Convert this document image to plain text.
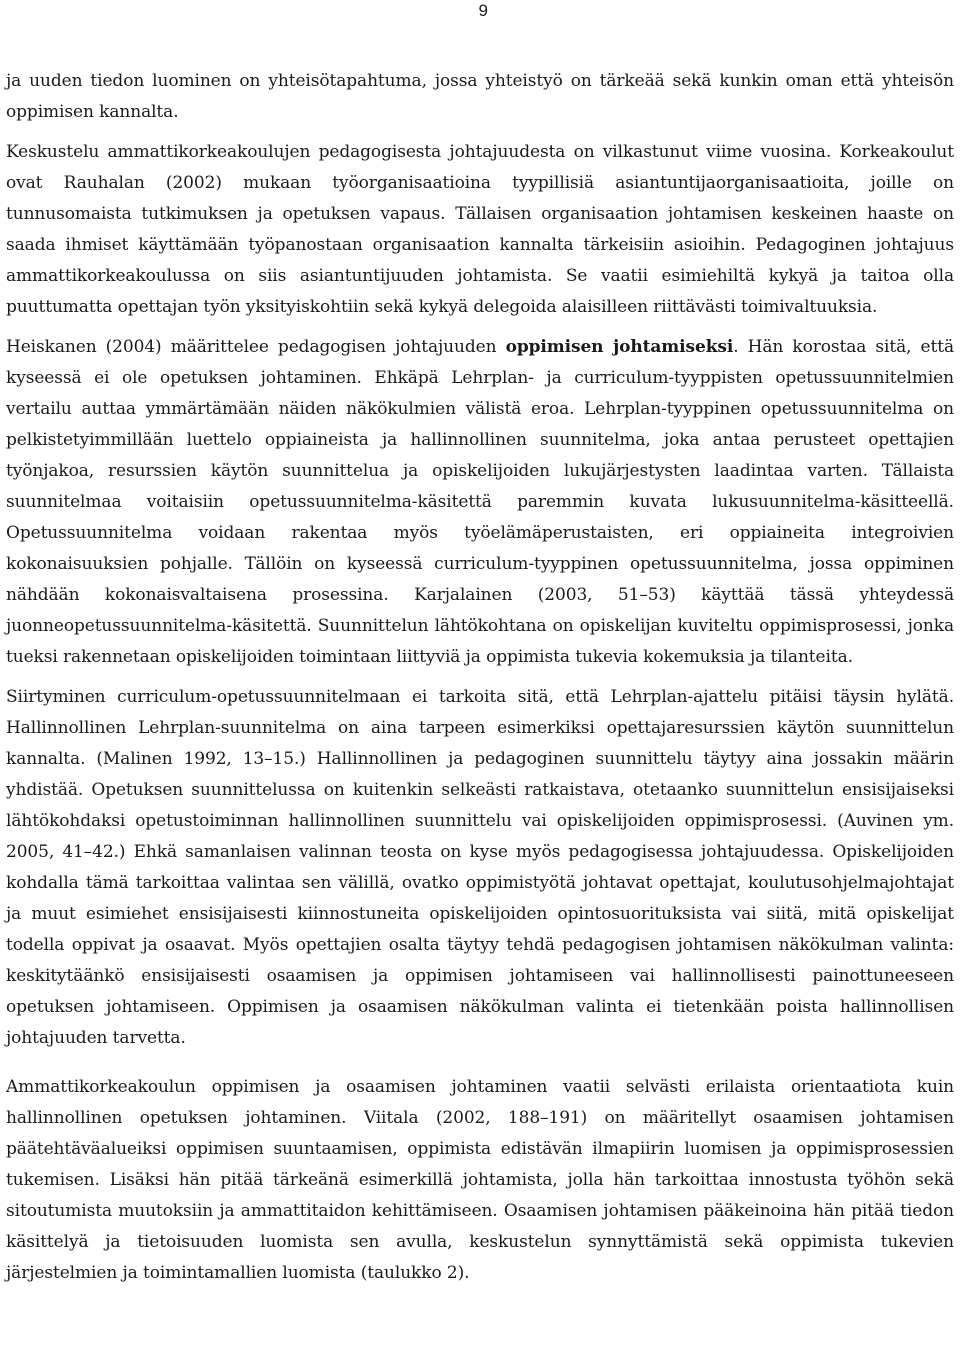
9

ja uuden tiedon luominen on yhteisötapahtuma, jossa yhteistyö on tärkeää sekä kunkin oman että yhteisön oppimisen kannalta.

Keskustelu ammattikorkeakoulujen pedagogisesta johtajuudesta on vilkastunut viime vuosina. Korkeakoulut ovat Rauhalan (2002) mukaan työorganisaatioina tyypillisiä asiantuntijaorganisaatioita, joille on tunnusomaista tutkimuksen ja opetuksen vapaus. Tällaisen organisaation johtamisen keskeinen haaste on saada ihmiset käyttämään työpanostaan organisaation kannalta tärkeisiin asioihin. Pedagoginen johtajuus ammattikorkeakoulussa on siis asiantuntijuuden johtamista. Se vaatii esimiehiltä kykyä ja taitoa olla puuttumatta opettajan työn yksityiskohtiin sekä kykyä delegoida alaisilleen riittävästi toimivaltuuksia.

Heiskanen (2004) määrittelee pedagogisen johtajuuden oppimisen johtamiseksi. Hän korostaa sitä, että kyseessä ei ole opetuksen johtaminen. Ehkäpä Lehrplan- ja curriculum-tyyppisten opetussuunnitelmien vertailu auttaa ymmärtämään näiden näkökulmien välistä eroa. Lehrplan-tyyppinen opetussuunnitelma on pelkistetyimmillään luettelo oppiaineista ja hallinnollinen suunnitelma, joka antaa perusteet opettajien työnjakoa, resurssien käytön suunnittelua ja opiskelijoiden lukujärjestysten laadintaa varten. Tällaista suunnitelmaa voitaisiin opetussuunnitelma-käsitettä paremmin kuvata lukusuunnitelma-käsitteellä. Opetussuunnitelma voidaan rakentaa myös työelämäperustaisten, eri oppiaineita integroivien kokonaisuuksien pohjalle. Tällöin on kyseessä curriculum-tyyppinen opetussuunnitelma, jossa oppiminen nähdään kokonaisvaltaisena prosessina. Karjalainen (2003, 51–53) käyttää tässä yhteydessä juonneopetussuunnitelma-käsitettä. Suunnittelun lähtökohtana on opiskelijan kuviteltu oppimisprosessi, jonka tueksi rakennetaan opiskelijoiden toimintaan liittyviä ja oppimista tukevia kokemuksia ja tilanteita.

Siirtyminen curriculum-opetussuunnitelmaan ei tarkoita sitä, että Lehrplan-ajattelu pitäisi täysin hylätä. Hallinnollinen Lehrplan-suunnitelma on aina tarpeen esimerkiksi opettajaresurssien käytön suunnittelun kannalta. (Malinen 1992, 13–15.) Hallinnollinen ja pedagoginen suunnittelu täytyy aina jossakin määrin yhdistää. Opetuksen suunnittelussa on kuitenkin selkeästi ratkaistava, otetaanko suunnittelun ensisijaiseksi lähtökohdaksi opetustoiminnan hallinnollinen suunnittelu vai opiskelijoiden oppimisprosessi. (Auvinen ym. 2005, 41–42.) Ehkä samanlaisen valinnan teosta on kyse myös pedagogisessa johtajuudessa. Opiskelijoiden kohdalla tämä tarkoittaa valintaa sen välillä, ovatko oppimistyötä johtavat opettajat, koulutusohjelmajohtajat ja muut esimiehet ensisijaisesti kiinnostuneita opiskelijoiden opintosuorituksista vai siitä, mitä opiskelijat todella oppivat ja osaavat. Myös opettajien osalta täytyy tehdä pedagogisen johtamisen näkökulman valinta: keskitytäänkö ensisijaisesti osaamisen ja oppimisen johtamiseen vai hallinnollisesti painottuneeseen opetuksen johtamiseen. Oppimisen ja osaamisen näkökulman valinta ei tietenkään poista hallinnollisen johtajuuden tarvetta.

Ammattikorkeakoulun oppimisen ja osaamisen johtaminen vaatii selvästi erilaista orientaatiota kuin hallinnollinen opetuksen johtaminen. Viitala (2002, 188–191) on määritellyt osaamisen johtamisen päätehtäväalueiksi oppimisen suuntaamisen, oppimista edistävän ilmapiirin luomisen ja oppimisprosessien tukemisen. Lisäksi hän pitää tärkeänä esimerkillä johtamista, jolla hän tarkoittaa innostusta työhön sekä sitoutumista muutoksiin ja ammattitaidon kehittämiseen. Osaamisen johtamisen pääkeinoina hän pitää tiedon käsittelyä ja tietoisuuden luomista sen avulla, keskustelun synnyttämistä sekä oppimista tukevien järjestelmien ja toimintamallien luomista (taulukko 2).
